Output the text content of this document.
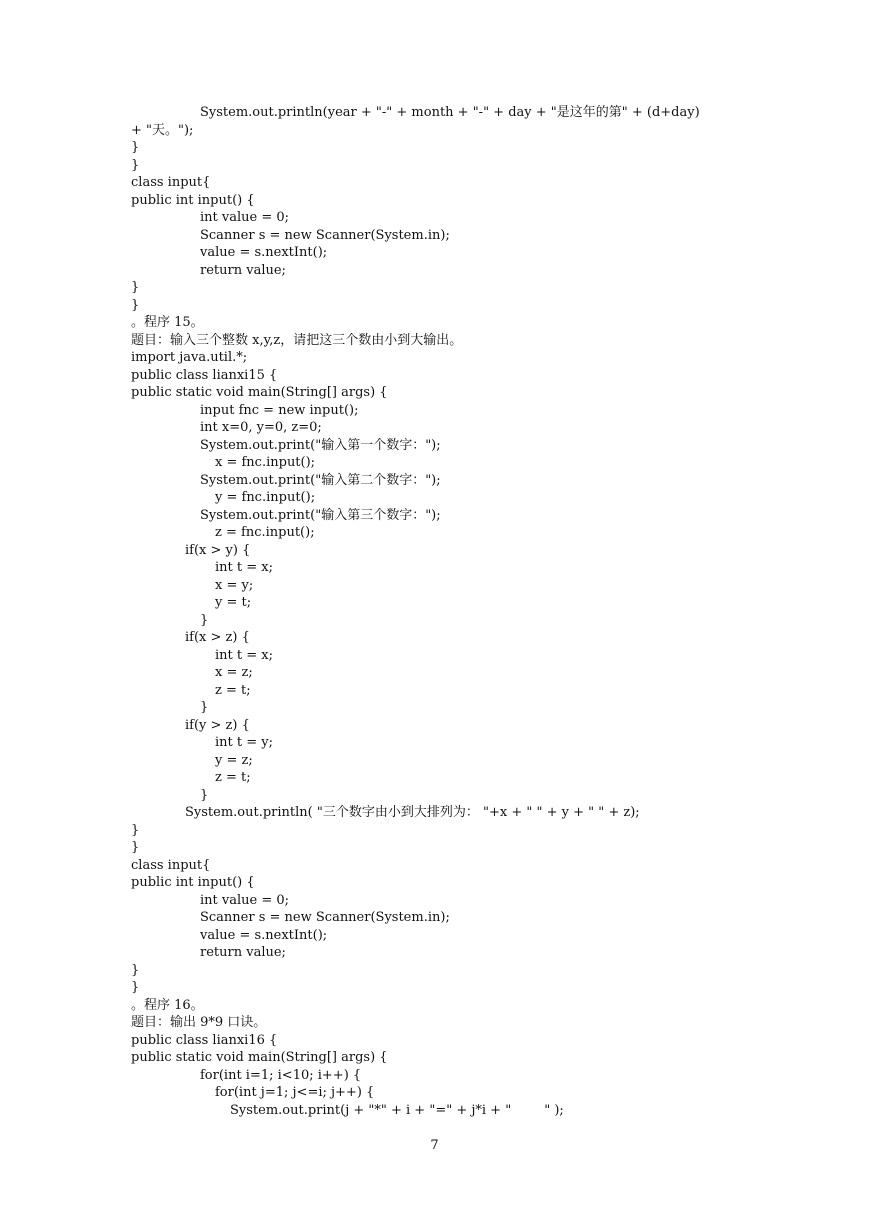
System.out.println(year + "-" + month + "-" + day + "是这年的第" + (d+day)
+ "天。");
}
}
class input{
public int input() {
int value = 0;
Scanner s = new Scanner(System.in);
value = s.nextInt();
return value;
}
}
。程序 15。
题目：输入三个整数 x,y,z，请把这三个数由小到大输出。
import java.util.*;
public class lianxi15 {
public static void main(String[] args) {
input fnc = new input();
int x=0, y=0, z=0;
System.out.print("输入第一个数字：");
x = fnc.input();
System.out.print("输入第二个数字：");
y = fnc.input();
System.out.print("输入第三个数字：");
z = fnc.input();
if(x > y) {
int t = x;
x = y;
y = t;
}
if(x > z) {
int t = x;
x = z;
z = t;
}
if(y > z) {
int t = y;
y = z;
z = t;
}
System.out.println( "三个数字由小到大排列为： "+x + " " + y + " " + z);
}
}
class input{
public int input() {
int value = 0;
Scanner s = new Scanner(System.in);
value = s.nextInt();
return value;
}
}
。程序 16。
题目：输出 9*9 口诀。
public class lianxi16 {
public static void main(String[] args) {
for(int i=1; i<10; i++) {
for(int j=1; j<=i; j++) {
System.out.print(j + "*" + i + "=" + j*i + "        " );
7
